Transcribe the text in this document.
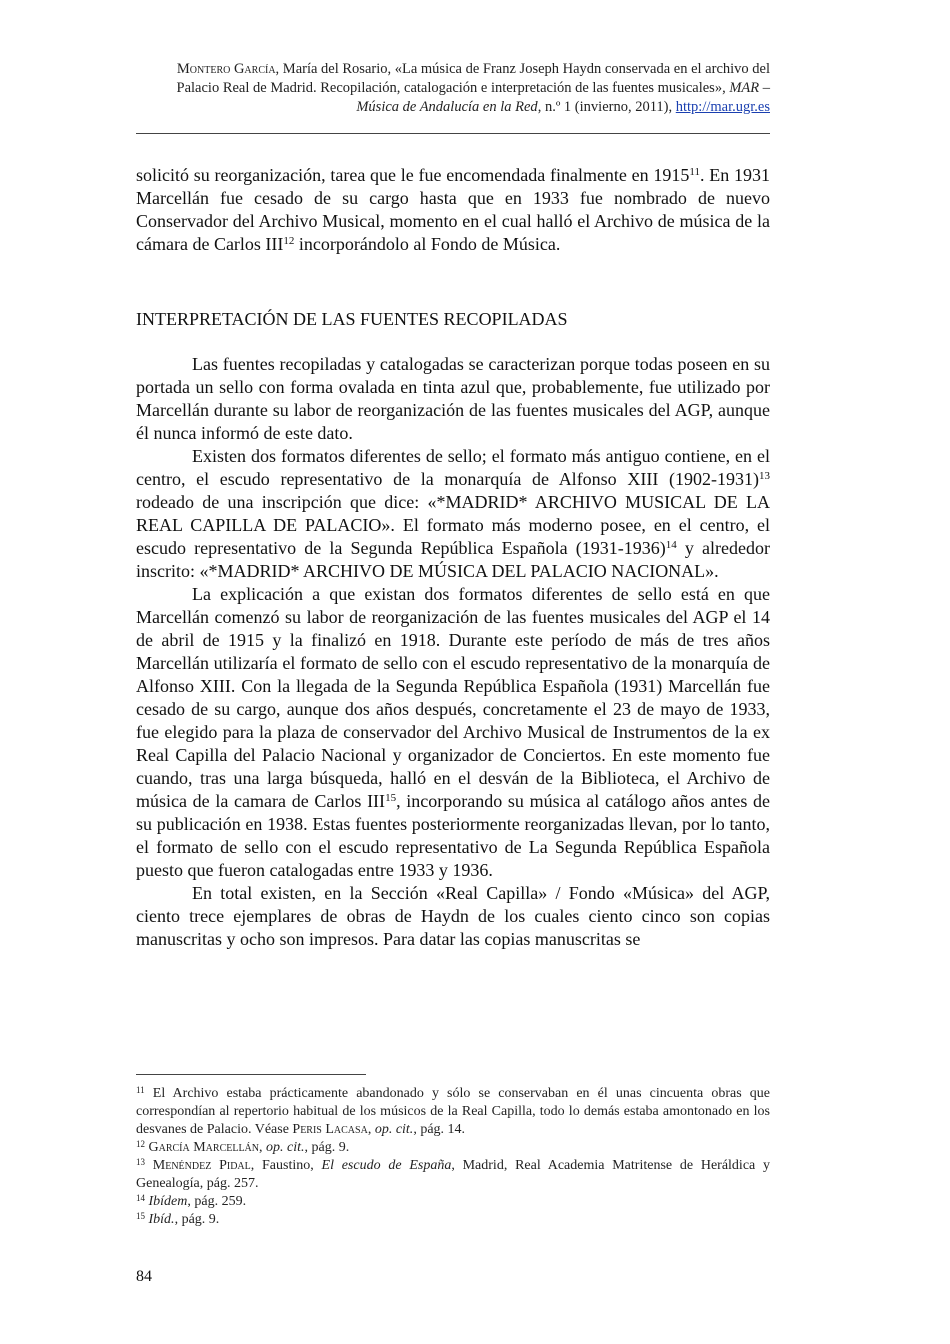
Montero García, María del Rosario, «La música de Franz Joseph Haydn conservada en el archivo del Palacio Real de Madrid. Recopilación, catalogación e interpretación de las fuentes musicales», MAR – Música de Andalucía en la Red, n.º 1 (invierno, 2011), http://mar.ugr.es

solicitó su reorganización, tarea que le fue encomendada finalmente en 1915$^{11}$. En 1931 Marcellán fue cesado de su cargo hasta que en 1933 fue nombrado de nuevo Conservador del Archivo Musical, momento en el cual halló el Archivo de música de la cámara de Carlos III$^{12}$ incorporándolo al Fondo de Música.

INTERPRETACIÓN DE LAS FUENTES RECOPILADAS

Las fuentes recopiladas y catalogadas se caracterizan porque todas poseen en su portada un sello con forma ovalada en tinta azul que, probablemente, fue utilizado por Marcellán durante su labor de reorganización de las fuentes musicales del AGP, aunque él nunca informó de este dato.

Existen dos formatos diferentes de sello; el formato más antiguo contiene, en el centro, el escudo representativo de la monarquía de Alfonso XIII (1902-1931)$^{13}$ rodeado de una inscripción que dice: «*MADRID* ARCHIVO MUSICAL DE LA REAL CAPILLA DE PALACIO». El formato más moderno posee, en el centro, el escudo representativo de la Segunda República Española (1931-1936)$^{14}$ y alrededor inscrito: «*MADRID* ARCHIVO DE MÚSICA DEL PALACIO NACIONAL».

La explicación a que existan dos formatos diferentes de sello está en que Marcellán comenzó su labor de reorganización de las fuentes musicales del AGP el 14 de abril de 1915 y la finalizó en 1918. Durante este período de más de tres años Marcellán utilizaría el formato de sello con el escudo representativo de la monarquía de Alfonso XIII. Con la llegada de la Segunda República Española (1931) Marcellán fue cesado de su cargo, aunque dos años después, concretamente el 23 de mayo de 1933, fue elegido para la plaza de conservador del Archivo Musical de Instrumentos de la ex Real Capilla del Palacio Nacional y organizador de Conciertos. En este momento fue cuando, tras una larga búsqueda, halló en el desván de la Biblioteca, el Archivo de música de la camara de Carlos III$^{15}$, incorporando su música al catálogo años antes de su publicación en 1938. Estas fuentes posteriormente reorganizadas llevan, por lo tanto, el formato de sello con el escudo representativo de La Segunda República Española puesto que fueron catalogadas entre 1933 y 1936.

En total existen, en la Sección «Real Capilla» / Fondo «Música» del AGP, ciento trece ejemplares de obras de Haydn de los cuales ciento cinco son copias manuscritas y ocho son impresos. Para datar las copias manuscritas se

$^{11}$ El Archivo estaba prácticamente abandonado y sólo se conservaban en él unas cincuenta obras que correspondían al repertorio habitual de los músicos de la Real Capilla, todo lo demás estaba amontonado en los desvanes de Palacio. Véase Peris Lacasa, op. cit., pág. 14.

$^{12}$ García Marcellán, op. cit., pág. 9.

$^{13}$ Menéndez Pidal, Faustino, El escudo de España, Madrid, Real Academia Matritense de Heráldica y Genealogía, pág. 257.

$^{14}$ Ibídem, pág. 259.

$^{15}$ Ibíd., pág. 9.

84
